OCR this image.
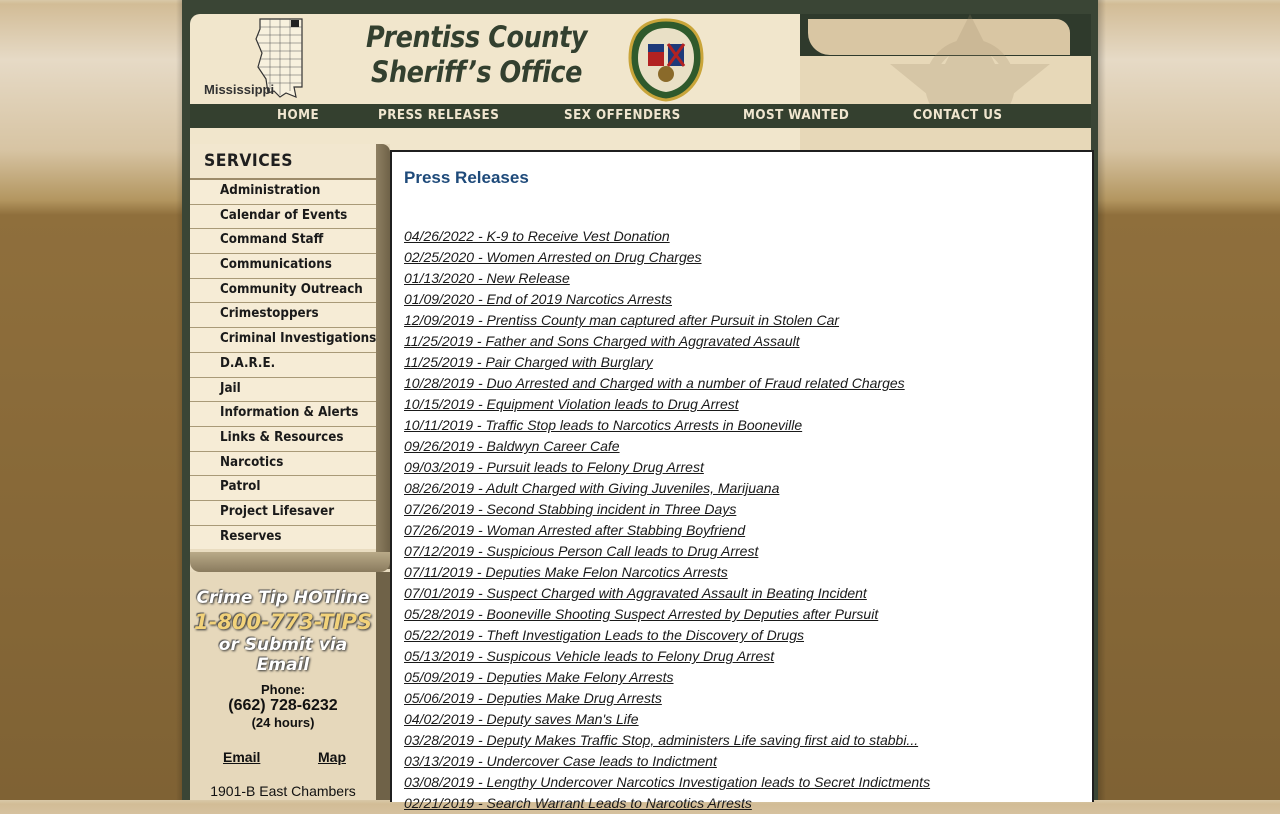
Mississippi
Prentiss County
Sheriff’s Office
HOME	PRESS RELEASES	SEX OFFENDERS	MOST WANTED	CONTACT US
SERVICES
Administration
Calendar of Events
Command Staff
Communications
Community Outreach
Crimestoppers
Criminal Investigations
D.A.R.E.
Jail
Information & Alerts
Links & Resources
Narcotics
Patrol
Project Lifesaver
Reserves
Crime Tip HOTline
1-800-773-TIPS
or Submit via Email
Phone:
(662) 728-6232
(24 hours)
Email	Map
1901-B East Chambers
Press Releases
04/26/2022 - K-9 to Receive Vest Donation
02/25/2020 - Women Arrested on Drug Charges
01/13/2020 - New Release
01/09/2020 - End of 2019 Narcotics Arrests
12/09/2019 - Prentiss County man captured after Pursuit in Stolen Car
11/25/2019 - Father and Sons Charged with Aggravated Assault
11/25/2019 - Pair Charged with Burglary
10/28/2019 - Duo Arrested and Charged with a number of Fraud related Charges
10/15/2019 - Equipment Violation leads to Drug Arrest
10/11/2019 - Traffic Stop leads to Narcotics Arrests in Booneville
09/26/2019 - Baldwyn Career Cafe
09/03/2019 - Pursuit leads to Felony Drug Arrest
08/26/2019 - Adult Charged with Giving Juveniles, Marijuana
07/26/2019 - Second Stabbing incident in Three Days
07/26/2019 - Woman Arrested after Stabbing Boyfriend
07/12/2019 - Suspicious Person Call leads to Drug Arrest
07/11/2019 - Deputies Make Felon Narcotics Arrests
07/01/2019 - Suspect Charged with Aggravated Assault in Beating Incident
05/28/2019 - Booneville Shooting Suspect Arrested by Deputies after Pursuit
05/22/2019 - Theft Investigation Leads to the Discovery of Drugs
05/13/2019 - Suspicous Vehicle leads to Felony Drug Arrest
05/09/2019 - Deputies Make Felony Arrests
05/06/2019 - Deputies Make Drug Arrests
04/02/2019 - Deputy saves Man's Life
03/28/2019 - Deputy Makes Traffic Stop, administers Life saving first aid to stabbi...
03/13/2019 - Undercover Case leads to Indictment
03/08/2019 - Lengthy Undercover Narcotics Investigation leads to Secret Indictments
02/21/2019 - Search Warrant Leads to Narcotics Arrests
